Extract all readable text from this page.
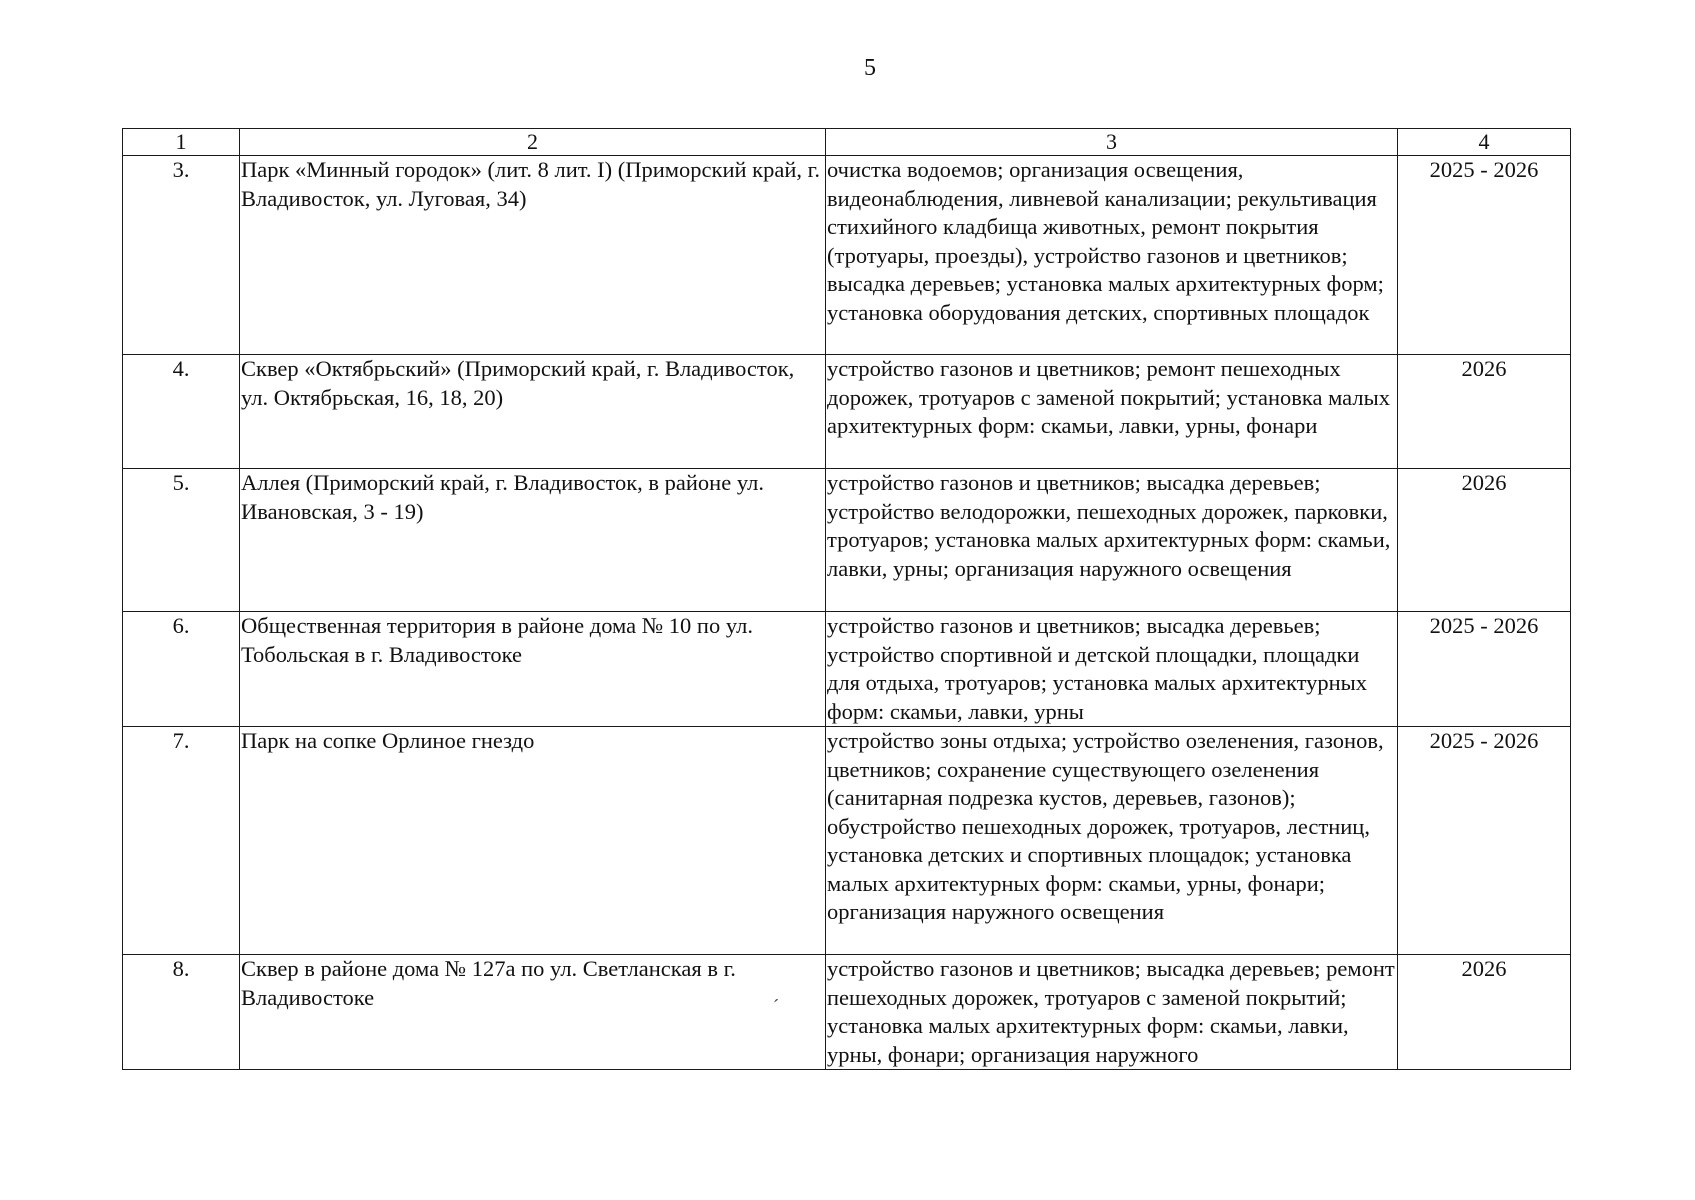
5
1	2	3	4
3.	Парк «Минный городок» (лит. 8 лит. I) (Приморский край, г. Владивосток, ул. Луговая, 34)	очистка водоемов; организация освещения, видеонаблюдения, ливневой канализации; рекультивация стихийного кладбища животных, ремонт покрытия (тротуары, проезды), устройство газонов и цветников; высадка деревьев; установка малых архитектурных форм; установка оборудования детских, спортивных площадок	2025 - 2026
4.	Сквер «Октябрьский» (Приморский край, г. Владивосток, ул. Октябрьская, 16, 18, 20)	устройство газонов и цветников; ремонт пешеходных дорожек, тротуаров с заменой покрытий; установка малых архитектурных форм: скамьи, лавки, урны, фонари	2026
5.	Аллея (Приморский край, г. Владивосток, в районе ул. Ивановская, 3 - 19)	устройство газонов и цветников; высадка деревьев; устройство велодорожки, пешеходных дорожек, парковки, тротуаров; установка малых архитектурных форм: скамьи, лавки, урны; организация наружного освещения	2026
6.	Общественная территория в районе дома № 10 по ул. Тобольская в г. Владивостоке	устройство газонов и цветников; высадка деревьев; устройство спортивной и детской площадки, площадки для отдыха, тротуаров; установка малых архитектурных форм: скамьи, лавки, урны	2025 - 2026
7.	Парк на сопке Орлиное гнездо	устройство зоны отдыха; устройство озеленения, газонов, цветников; сохранение существующего озеленения (санитарная подрезка кустов, деревьев, газонов); обустройство пешеходных дорожек, тротуаров, лестниц, установка детских и спортивных площадок; установка малых архитектурных форм: скамьи, урны, фонари; организация наружного освещения	2025 - 2026
8.	Сквер в районе дома № 127а по ул. Светланская в г. Владивостоке	устройство газонов и цветников; высадка деревьев; ремонт пешеходных дорожек, тротуаров с заменой покрытий; установка малых архитектурных форм: скамьи, лавки, урны, фонари; организация наружного	2026
ˊ
